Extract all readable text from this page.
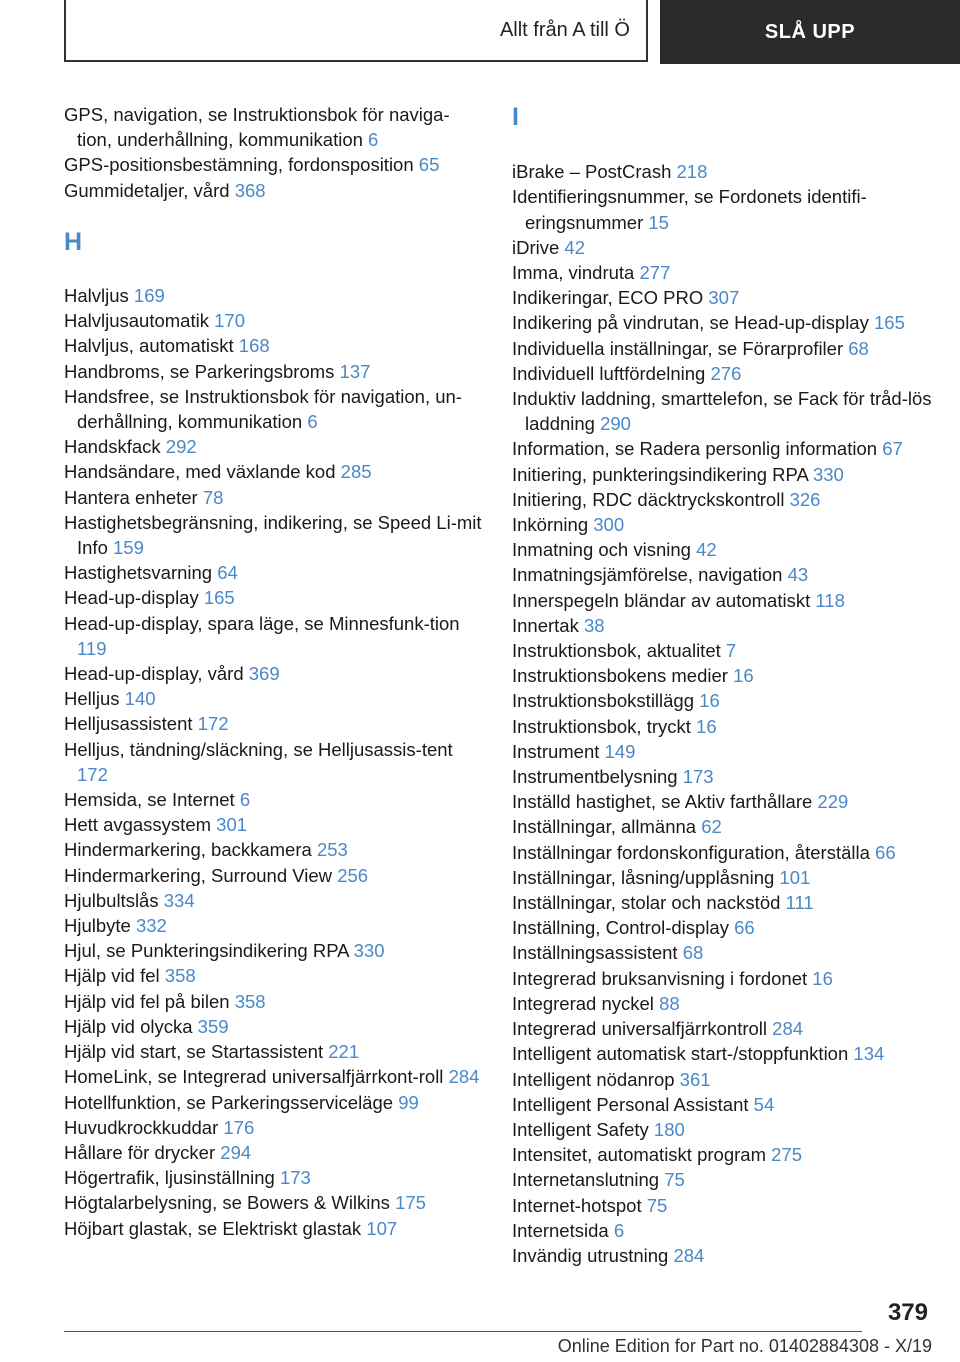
Allt från A till Ö	SLÅ UPP

GPS, navigation, se Instruktionsbok för naviga-tion, underhållning, kommunikation 6

GPS-positionsbestämning, fordonsposition 65

Gummidetaljer, vård 368

H

Halvljus 169

Halvljusautomatik 170

Halvljus, automatiskt 168

Handbroms, se Parkeringsbroms 137

Handsfree, se Instruktionsbok för navigation, un-derhållning, kommunikation 6

Handskfack 292

Handsändare, med växlande kod 285

Hantera enheter 78

Hastighetsbegränsning, indikering, se Speed Li-mit Info 159

Hastighetsvarning 64

Head-up-display 165

Head-up-display, spara läge, se Minnesfunk-tion 119

Head-up-display, vård 369

Helljus 140

Helljusassistent 172

Helljus, tändning/släckning, se Helljusassis-tent 172

Hemsida, se Internet 6

Hett avgassystem 301

Hindermarkering, backkamera 253

Hindermarkering, Surround View 256

Hjulbultslås 334

Hjulbyte 332

Hjul, se Punkteringsindikering RPA 330

Hjälp vid fel 358

Hjälp vid fel på bilen 358

Hjälp vid olycka 359

Hjälp vid start, se Startassistent 221

HomeLink, se Integrerad universalfjärrkont-roll 284

Hotellfunktion, se Parkeringsserviceläge 99

Huvudkrockkuddar 176

Hållare för drycker 294

Högertrafik, ljusinställning 173

Högtalarbelysning, se Bowers & Wilkins 175

Höjbart glastak, se Elektriskt glastak 107

I

iBrake – PostCrash 218

Identifieringsnummer, se Fordonets identifi-eringsnummer 15

iDrive 42

Imma, vindruta 277

Indikeringar, ECO PRO 307

Indikering på vindrutan, se Head-up-display 165

Individuella inställningar, se Förarprofiler 68

Individuell luftfördelning 276

Induktiv laddning, smarttelefon, se Fack för tråd-lös laddning 290

Information, se Radera personlig information 67

Initiering, punkteringsindikering RPA 330

Initiering, RDC däcktryckskontroll 326

Inkörning 300

Inmatning och visning 42

Inmatningsjämförelse, navigation 43

Innerspegeln bländar av automatiskt 118

Innertak 38

Instruktionsbok, aktualitet 7

Instruktionsbokens medier 16

Instruktionsbokstillägg 16

Instruktionsbok, tryckt 16

Instrument 149

Instrumentbelysning 173

Inställd hastighet, se Aktiv farthållare 229

Inställningar, allmänna 62

Inställningar fordonskonfiguration, återställa 66

Inställningar, låsning/upplåsning 101

Inställningar, stolar och nackstöd 111

Inställning, Control-display 66

Inställningsassistent 68

Integrerad bruksanvisning i fordonet 16

Integrerad nyckel 88

Integrerad universalfjärrkontroll 284

Intelligent automatisk start-/stoppfunktion 134

Intelligent nödanrop 361

Intelligent Personal Assistant 54

Intelligent Safety 180

Intensitet, automatiskt program 275

Internetanslutning 75

Internet-hotspot 75

Internetsida 6

Invändig utrustning 284

379
Online Edition for Part no. 01402884308 - X/19
